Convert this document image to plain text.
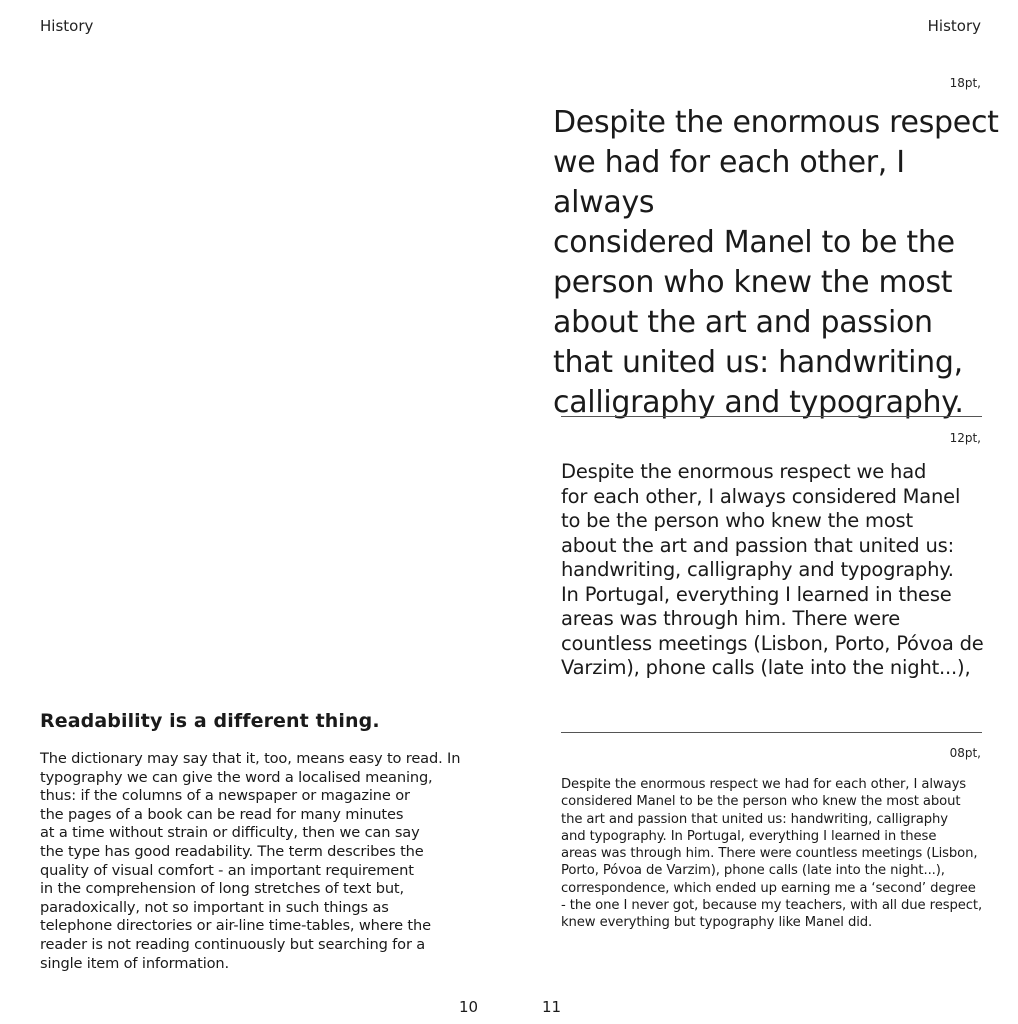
History	History
18pt,
Despite the enormous respect
we had for each other, I always
considered Manel to be the
person who knew the most
about the art and passion
that united us: handwriting,
calligraphy and typography.
12pt,
Despite the enormous respect we had
for each other, I always considered Manel
to be the person who knew the most
about the art and passion that united us:
handwriting, calligraphy and typography.
In Portugal, everything I learned in these
areas was through him. There were
countless meetings (Lisbon, Porto, Póvoa de
Varzim), phone calls (late into the night...),
08pt,
Despite the enormous respect we had for each other, I always
considered Manel to be the person who knew the most about
the art and passion that united us: handwriting, calligraphy
and typography. In Portugal, everything I learned in these
areas was through him. There were countless meetings (Lisbon,
Porto, Póvoa de Varzim), phone calls (late into the night...),
correspondence, which ended up earning me a ‘second’ degree
- the one I never got, because my teachers, with all due respect,
knew everything but typography like Manel did.
Readability is a different thing.
The dictionary may say that it, too, means easy to read. In
typography we can give the word a localised meaning,
thus: if the columns of a newspaper or magazine or
the pages of a book can be read for many minutes
at a time without strain or difficulty, then we can say
the type has good readability. The term describes the
quality of visual comfort - an important requirement
in the comprehension of long stretches of text but,
paradoxically, not so important in such things as
telephone directories or air-line time-tables, where the
reader is not reading continuously but searching for a
single item of information.
10	11
